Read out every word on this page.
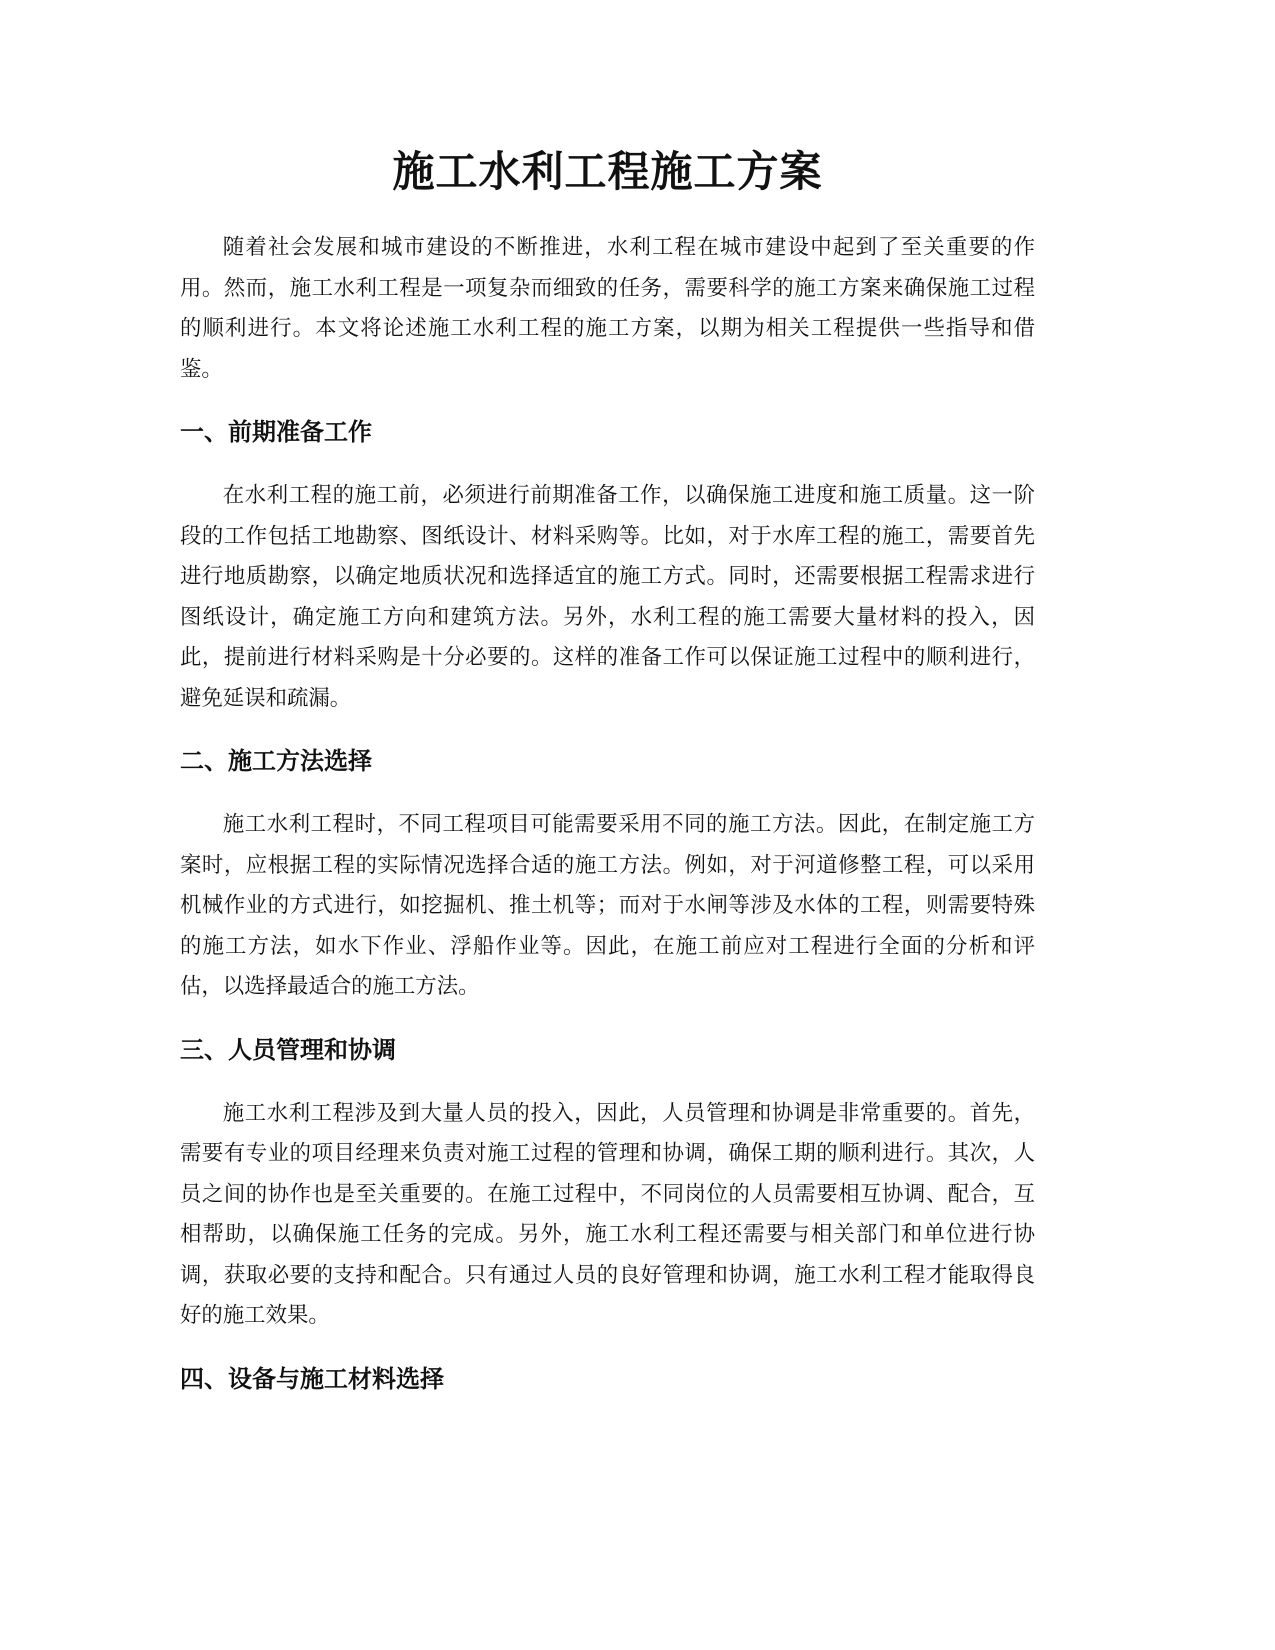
施工水利工程施工方案

随着社会发展和城市建设的不断推进，水利工程在城市建设中起到了至关重要的作用。然而，施工水利工程是一项复杂而细致的任务，需要科学的施工方案来确保施工过程的顺利进行。本文将论述施工水利工程的施工方案，以期为相关工程提供一些指导和借鉴。

一、前期准备工作

在水利工程的施工前，必须进行前期准备工作，以确保施工进度和施工质量。这一阶段的工作包括工地勘察、图纸设计、材料采购等。比如，对于水库工程的施工，需要首先进行地质勘察，以确定地质状况和选择适宜的施工方式。同时，还需要根据工程需求进行图纸设计，确定施工方向和建筑方法。另外，水利工程的施工需要大量材料的投入，因此，提前进行材料采购是十分必要的。这样的准备工作可以保证施工过程中的顺利进行，避免延误和疏漏。

二、施工方法选择

施工水利工程时，不同工程项目可能需要采用不同的施工方法。因此，在制定施工方案时，应根据工程的实际情况选择合适的施工方法。例如，对于河道修整工程，可以采用机械作业的方式进行，如挖掘机、推土机等；而对于水闸等涉及水体的工程，则需要特殊的施工方法，如水下作业、浮船作业等。因此，在施工前应对工程进行全面的分析和评估，以选择最适合的施工方法。

三、人员管理和协调

施工水利工程涉及到大量人员的投入，因此，人员管理和协调是非常重要的。首先，需要有专业的项目经理来负责对施工过程的管理和协调，确保工期的顺利进行。其次，人员之间的协作也是至关重要的。在施工过程中，不同岗位的人员需要相互协调、配合，互相帮助，以确保施工任务的完成。另外，施工水利工程还需要与相关部门和单位进行协调，获取必要的支持和配合。只有通过人员的良好管理和协调，施工水利工程才能取得良好的施工效果。

四、设备与施工材料选择
